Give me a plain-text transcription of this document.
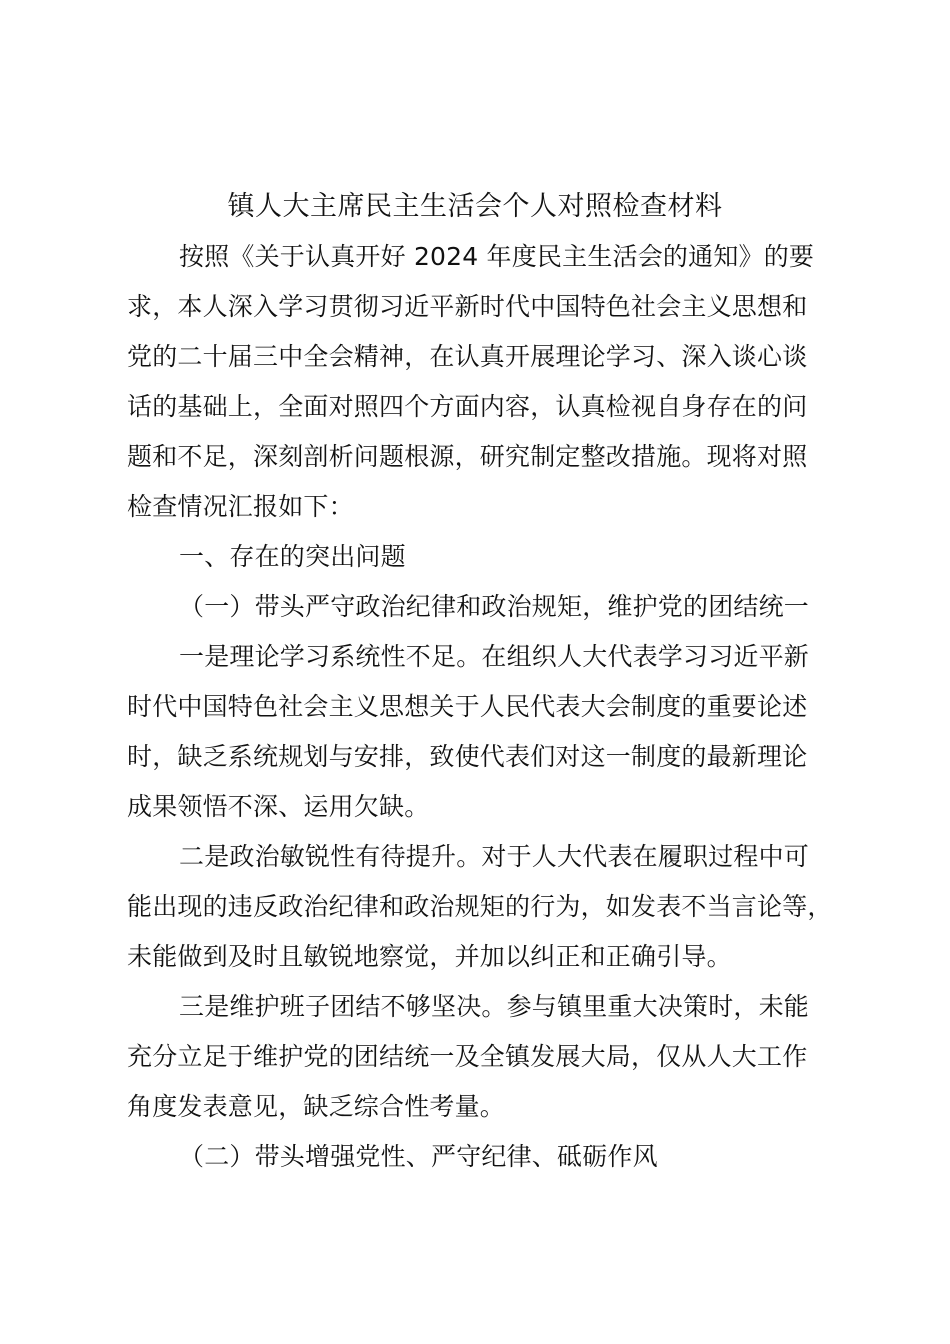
镇人大主席民主生活会个人对照检查材料
按照《关于认真开好 2024 年度民主生活会的通知》的要
求，本人深入学习贯彻习近平新时代中国特色社会主义思想和
党的二十届三中全会精神，在认真开展理论学习、深入谈心谈
话的基础上，全面对照四个方面内容，认真检视自身存在的问
题和不足，深刻剖析问题根源，研究制定整改措施。现将对照
检查情况汇报如下：
一、存在的突出问题
（一）带头严守政治纪律和政治规矩，维护党的团结统一
一是理论学习系统性不足。在组织人大代表学习习近平新
时代中国特色社会主义思想关于人民代表大会制度的重要论述
时，缺乏系统规划与安排，致使代表们对这一制度的最新理论
成果领悟不深、运用欠缺。
二是政治敏锐性有待提升。对于人大代表在履职过程中可
能出现的违反政治纪律和政治规矩的行为，如发表不当言论等，
未能做到及时且敏锐地察觉，并加以纠正和正确引导。
三是维护班子团结不够坚决。参与镇里重大决策时，未能
充分立足于维护党的团结统一及全镇发展大局，仅从人大工作
角度发表意见，缺乏综合性考量。
（二）带头增强党性、严守纪律、砥砺作风
